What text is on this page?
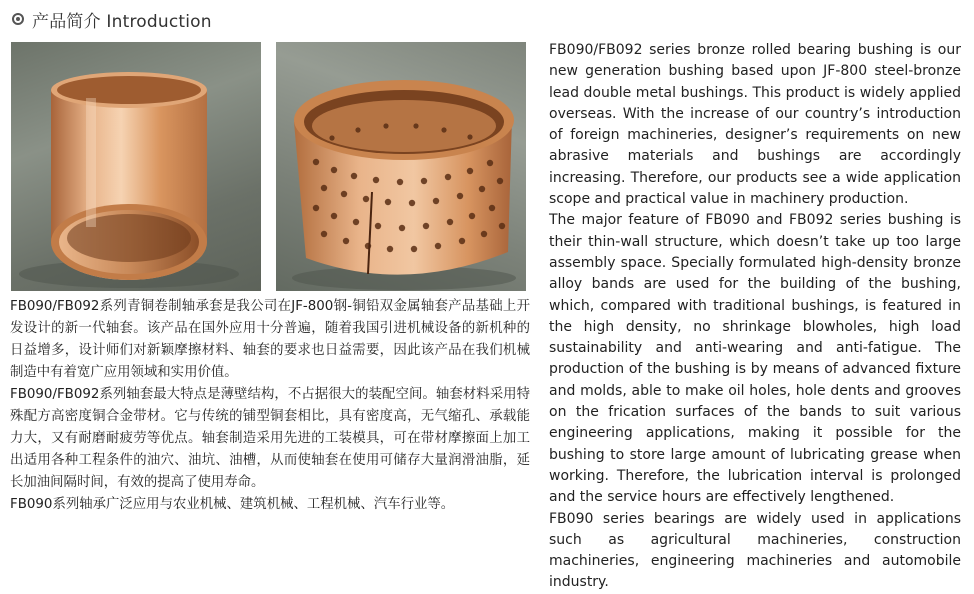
产品简介 Introduction

FB090/FB092系列青铜卷制轴承套是我公司在JF-800钢-铜铅双金属轴套产品基础上开发设计的新一代轴套。该产品在国外应用十分普遍，随着我国引进机械设备的新机种的日益增多，设计师们对新颖摩擦材料、轴套的要求也日益需要，因此该产品在我们机械制造中有着宽广应用领域和实用价值。

FB090/FB092系列轴套最大特点是薄壁结构，不占据很大的装配空间。轴套材料采用特殊配方高密度铜合金带材。它与传统的铺型铜套相比，具有密度高，无气缩孔、承载能力大，又有耐磨耐疲劳等优点。轴套制造采用先进的工装模具，可在带材摩擦面上加工出适用各种工程条件的油穴、油坑、油槽，从而使轴套在使用可储存大量润滑油脂，延长加油间隔时间，有效的提高了使用寿命。

FB090系列轴承广泛应用与农业机械、建筑机械、工程机械、汽车行业等。

FB090/FB092 series bronze rolled bearing bushing is our new generation bushing based upon JF-800 steel-bronze lead double metal bushings. This product is widely applied overseas. With the increase of our country’s introduction of foreign machineries, designer’s requirements on new abrasive materials and bushings are accordingly increasing. Therefore, our products see a wide application scope and practical value in machinery production.

The major feature of FB090 and FB092 series bushing is their thin-wall structure, which doesn’t take up too large assembly space. Specially formulated high-density bronze alloy bands are used for the building of the bushing, which, compared with traditional bushings, is featured in the high density, no shrinkage blowholes, high load sustainability and anti-wearing and anti-fatigue. The production of the bushing is by means of advanced fixture and molds, able to make oil holes, hole dents and grooves on the frication surfaces of the bands to suit various engineering applications, making it possible for the bushing to store large amount of lubricating grease when working. Therefore, the lubrication interval is prolonged and the service hours are effectively lengthened.

FB090 series bearings are widely used in applications such as agricultural machineries, construction machineries, engineering machineries and automobile industry.
